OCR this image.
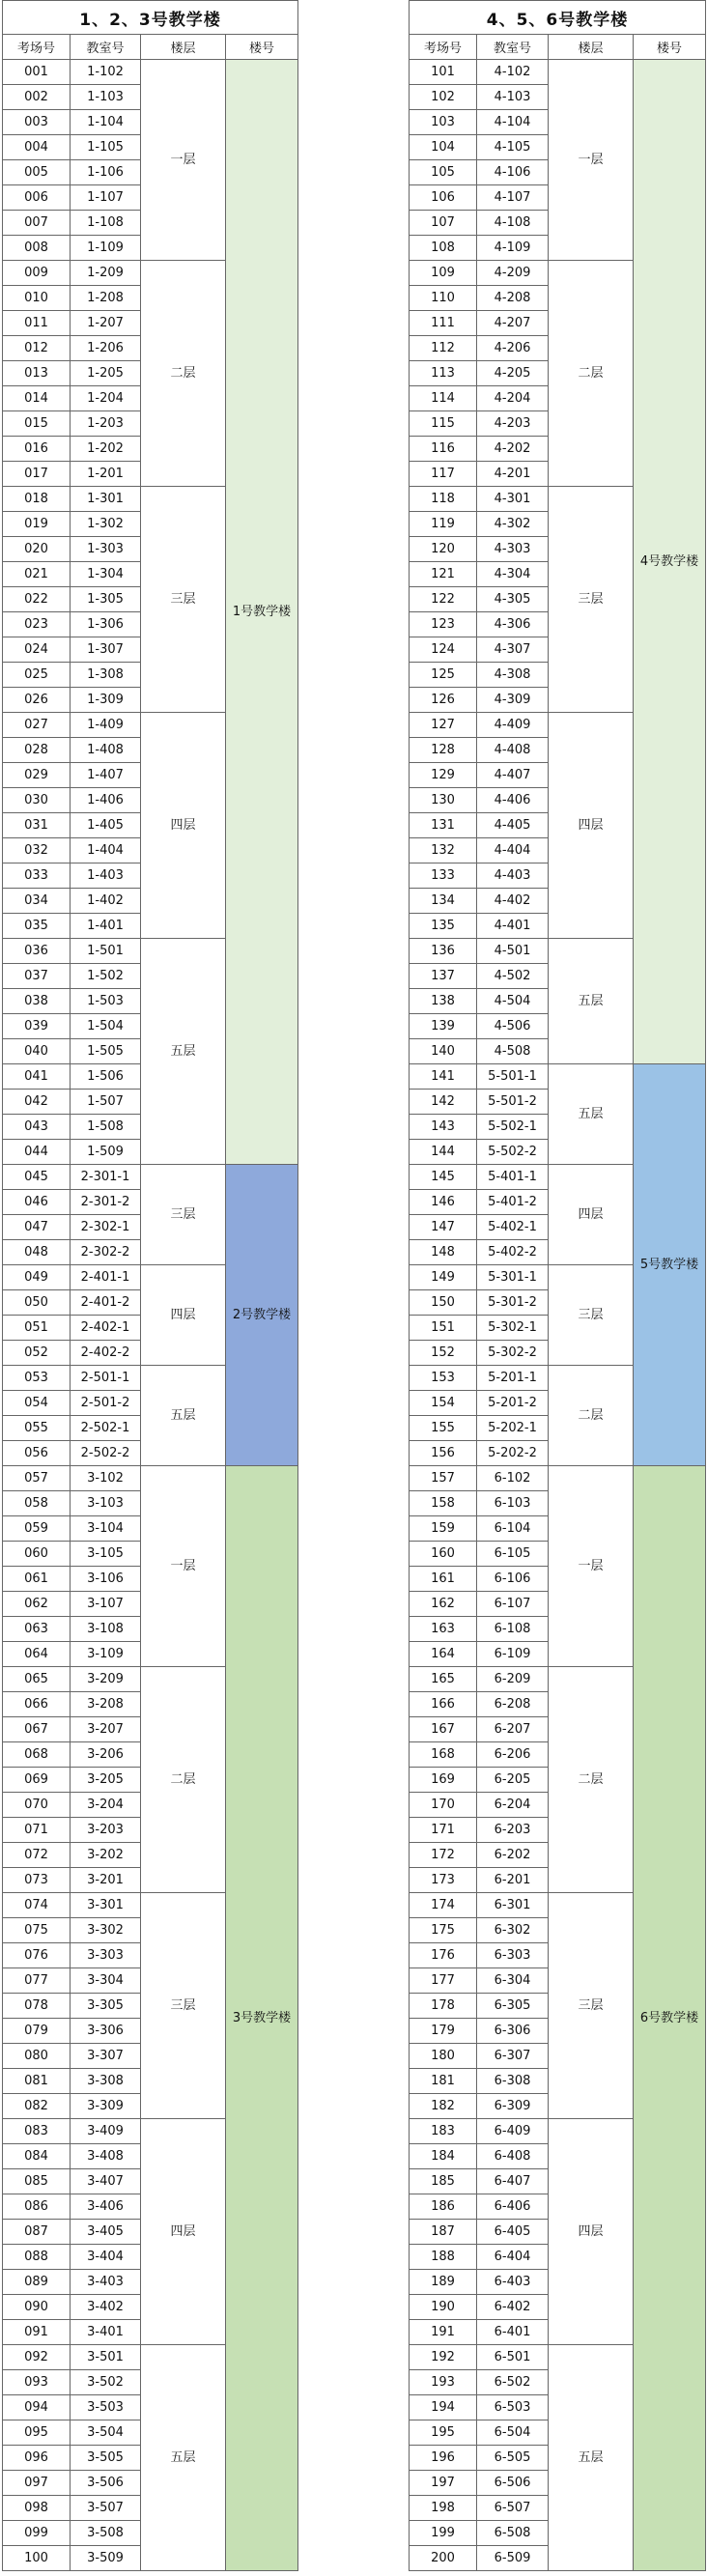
1、2、3号教学楼			
考场号	教室号	楼层	楼号
001	1-102	一层	1号教学楼
002	1-103		
003	1-104		
004	1-105		
005	1-106		
006	1-107		
007	1-108		
008	1-109		
009	1-209	二层	
010	1-208		
011	1-207		
012	1-206		
013	1-205		
014	1-204		
015	1-203		
016	1-202		
017	1-201		
018	1-301	三层	
019	1-302		
020	1-303		
021	1-304		
022	1-305		
023	1-306		
024	1-307		
025	1-308		
026	1-309		
027	1-409	四层	
028	1-408		
029	1-407		
030	1-406		
031	1-405		
032	1-404		
033	1-403		
034	1-402		
035	1-401		
036	1-501	五层	
037	1-502		
038	1-503		
039	1-504		
040	1-505		
041	1-506		
042	1-507		
043	1-508		
044	1-509		
045	2-301-1	三层	2号教学楼
046	2-301-2		
047	2-302-1		
048	2-302-2		
049	2-401-1	四层	
050	2-401-2		
051	2-402-1		
052	2-402-2		
053	2-501-1	五层	
054	2-501-2		
055	2-502-1		
056	2-502-2		
057	3-102	一层	3号教学楼
058	3-103		
059	3-104		
060	3-105		
061	3-106		
062	3-107		
063	3-108		
064	3-109		
065	3-209	二层	
066	3-208		
067	3-207		
068	3-206		
069	3-205		
070	3-204		
071	3-203		
072	3-202		
073	3-201		
074	3-301	三层	
075	3-302		
076	3-303		
077	3-304		
078	3-305		
079	3-306		
080	3-307		
081	3-308		
082	3-309		
083	3-409	四层	
084	3-408		
085	3-407		
086	3-406		
087	3-405		
088	3-404		
089	3-403		
090	3-402		
091	3-401		
092	3-501	五层	
093	3-502		
094	3-503		
095	3-504		
096	3-505		
097	3-506		
098	3-507		
099	3-508		
100	3-509		
4、5、6号教学楼			
考场号	教室号	楼层	楼号
101	4-102	一层	4号教学楼
102	4-103		
103	4-104		
104	4-105		
105	4-106		
106	4-107		
107	4-108		
108	4-109		
109	4-209	二层	
110	4-208		
111	4-207		
112	4-206		
113	4-205		
114	4-204		
115	4-203		
116	4-202		
117	4-201		
118	4-301	三层	
119	4-302		
120	4-303		
121	4-304		
122	4-305		
123	4-306		
124	4-307		
125	4-308		
126	4-309		
127	4-409	四层	
128	4-408		
129	4-407		
130	4-406		
131	4-405		
132	4-404		
133	4-403		
134	4-402		
135	4-401		
136	4-501	五层	
137	4-502		
138	4-504		
139	4-506		
140	4-508		
141	5-501-1	五层	5号教学楼
142	5-501-2		
143	5-502-1		
144	5-502-2		
145	5-401-1	四层	
146	5-401-2		
147	5-402-1		
148	5-402-2		
149	5-301-1	三层	
150	5-301-2		
151	5-302-1		
152	5-302-2		
153	5-201-1	二层	
154	5-201-2		
155	5-202-1		
156	5-202-2		
157	6-102	一层	6号教学楼
158	6-103		
159	6-104		
160	6-105		
161	6-106		
162	6-107		
163	6-108		
164	6-109		
165	6-209	二层	
166	6-208		
167	6-207		
168	6-206		
169	6-205		
170	6-204		
171	6-203		
172	6-202		
173	6-201		
174	6-301	三层	
175	6-302		
176	6-303		
177	6-304		
178	6-305		
179	6-306		
180	6-307		
181	6-308		
182	6-309		
183	6-409	四层	
184	6-408		
185	6-407		
186	6-406		
187	6-405		
188	6-404		
189	6-403		
190	6-402		
191	6-401		
192	6-501	五层	
193	6-502		
194	6-503		
195	6-504		
196	6-505		
197	6-506		
198	6-507		
199	6-508		
200	6-509		
